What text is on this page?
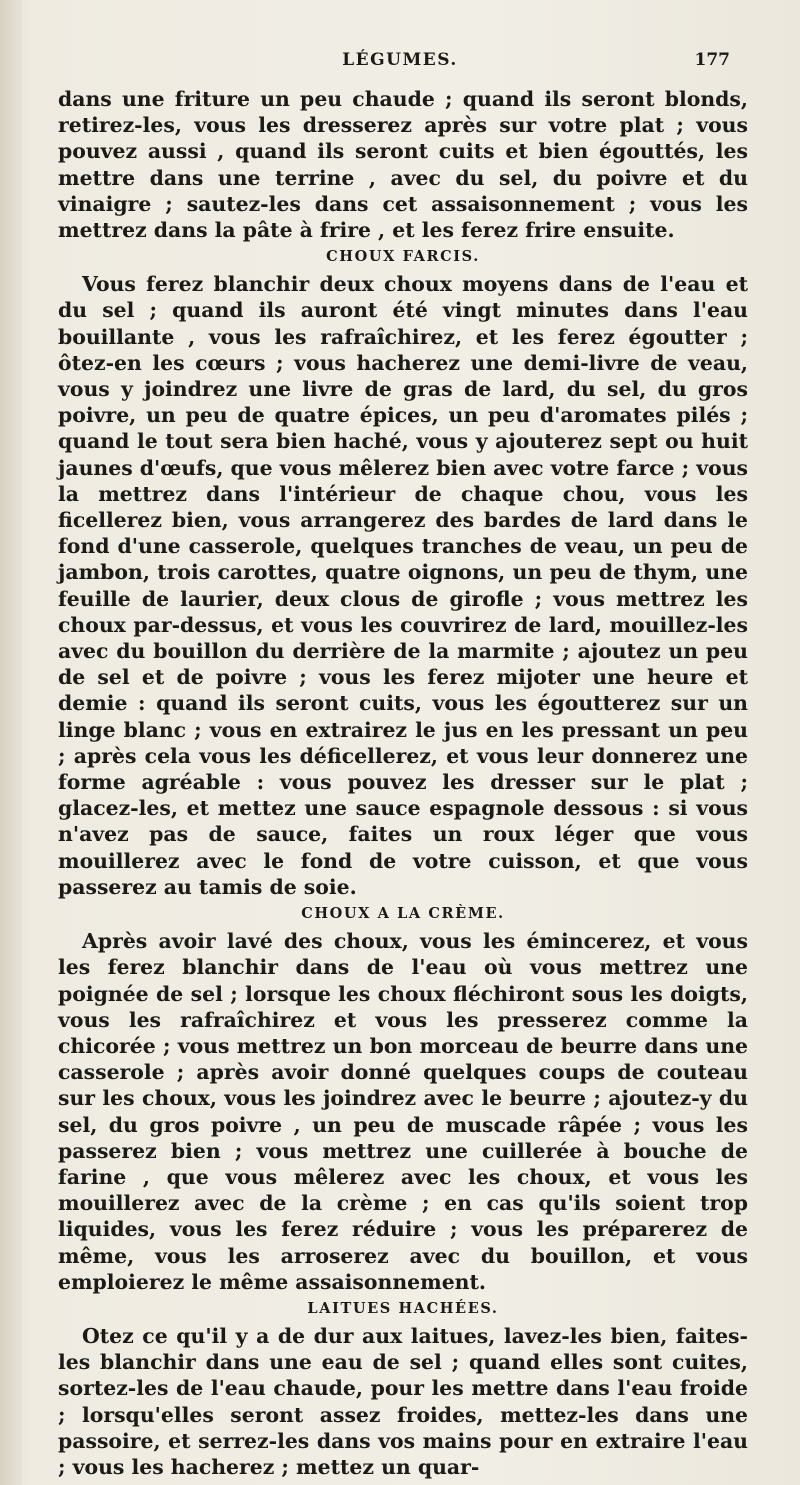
LÉGUMES.	177

dans une friture un peu chaude ; quand ils seront blonds, retirez-les, vous les dresserez après sur votre plat ; vous pouvez aussi , quand ils seront cuits et bien égouttés, les mettre dans une terrine , avec du sel, du poivre et du vinaigre ; sautez-les dans cet assaisonnement ; vous les mettrez dans la pâte à frire , et les ferez frire ensuite.

CHOUX FARCIS.

Vous ferez blanchir deux choux moyens dans de l'eau et du sel ; quand ils auront été vingt minutes dans l'eau bouillante , vous les rafraîchirez, et les ferez égoutter ; ôtez-en les cœurs ; vous hacherez une demi-livre de veau, vous y joindrez une livre de gras de lard, du sel, du gros poivre, un peu de quatre épices, un peu d'aromates pilés ; quand le tout sera bien haché, vous y ajouterez sept ou huit jaunes d'œufs, que vous mêlerez bien avec votre farce ; vous la mettrez dans l'intérieur de chaque chou, vous les ficellerez bien, vous arrangerez des bardes de lard dans le fond d'une casserole, quelques tranches de veau, un peu de jambon, trois carottes, quatre oignons, un peu de thym, une feuille de laurier, deux clous de girofle ; vous mettrez les choux par-dessus, et vous les couvrirez de lard, mouillez-les avec du bouillon du derrière de la marmite ; ajoutez un peu de sel et de poivre ; vous les ferez mijoter une heure et demie : quand ils seront cuits, vous les égoutterez sur un linge blanc ; vous en extrairez le jus en les pressant un peu ; après cela vous les déficellerez, et vous leur donnerez une forme agréable : vous pouvez les dresser sur le plat ; glacez-les, et mettez une sauce espagnole dessous : si vous n'avez pas de sauce, faites un roux léger que vous mouillerez avec le fond de votre cuisson, et que vous passerez au tamis de soie.

CHOUX A LA CRÈME.

Après avoir lavé des choux, vous les émincerez, et vous les ferez blanchir dans de l'eau où vous mettrez une poignée de sel ; lorsque les choux fléchiront sous les doigts, vous les rafraîchirez et vous les presserez comme la chicorée ; vous mettrez un bon morceau de beurre dans une casserole ; après avoir donné quelques coups de couteau sur les choux, vous les joindrez avec le beurre ; ajoutez-y du sel, du gros poivre , un peu de muscade râpée ; vous les passerez bien ; vous mettrez une cuillerée à bouche de farine , que vous mêlerez avec les choux, et vous les mouillerez avec de la crème ; en cas qu'ils soient trop liquides, vous les ferez réduire ; vous les préparerez de même, vous les arroserez avec du bouillon, et vous emploierez le même assaisonnement.

LAITUES HACHÉES.

Otez ce qu'il y a de dur aux laitues, lavez-les bien, faites-les blanchir dans une eau de sel ; quand elles sont cuites, sortez-les de l'eau chaude, pour les mettre dans l'eau froide ; lorsqu'elles seront assez froides, mettez-les dans une passoire, et serrez-les dans vos mains pour en extraire l'eau ; vous les hacherez ; mettez un quar-
